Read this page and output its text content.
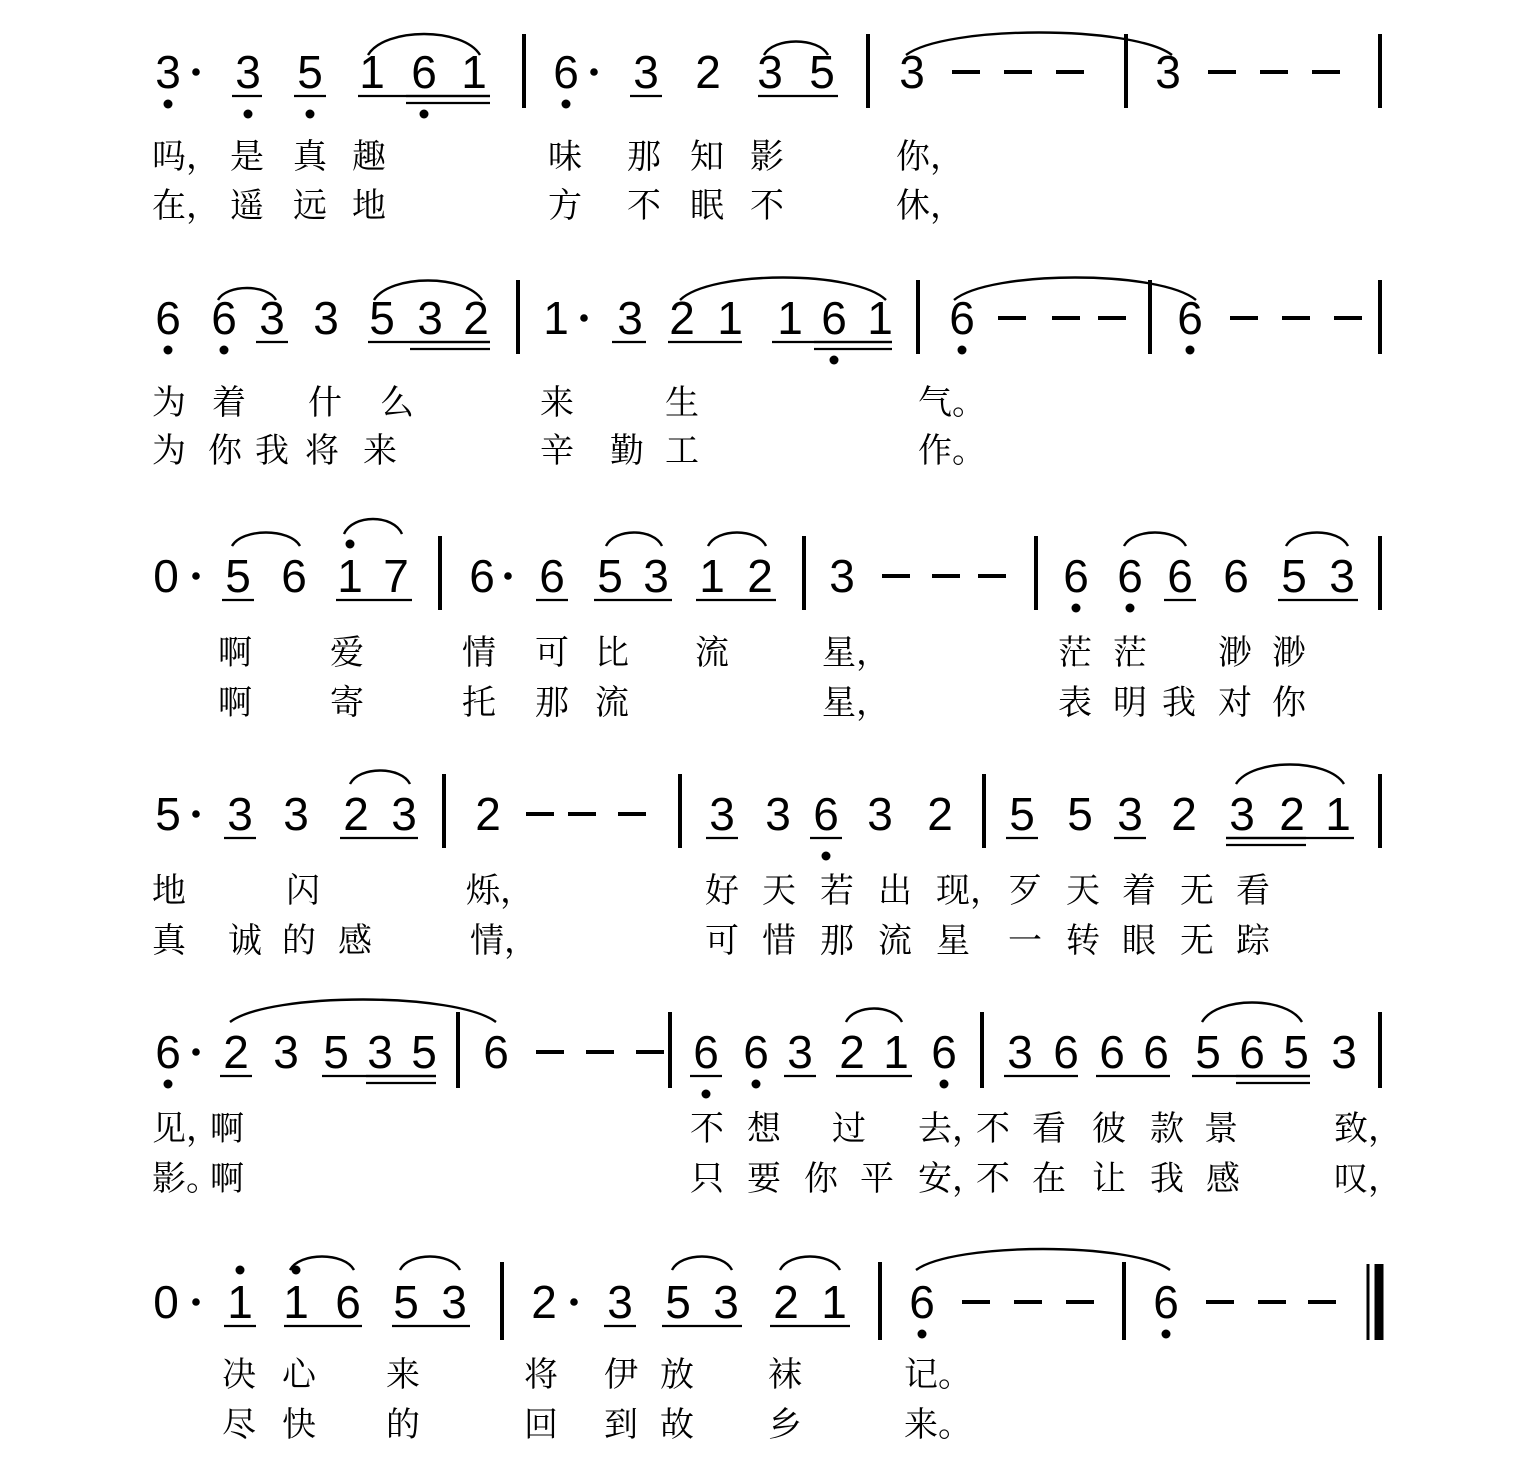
3 3 5 1 6 1 6 3 2 3 5 3	3
吗， 是 真 趣	味 那 知 影	你，
在， 遥 远 地	方 不 眠 不	休，
6 6 3 3 5 3 2 1 3 2 1 1 6 1 6	6
为 着 什 么	来	生	气。
为 你 我 将 来	辛 勤 工	作。
0 5 6 1 7 6 6 5 3 1 2 3	6 6 6 6 5 3
啊 爱	情 可 比 流	星，	茫 茫 渺 渺
啊 寄	托 那 流	星，	表 明 我 对 你
5 3 3 2 3 2	3 3 6 3 2 5 5 3 2 3 2 1
地	闪	烁，	好 天 若 出 现， 歹 天 着 无 看
真 诚 的 感	情，	可 惜 那 流 星 一 转 眼 无 踪
6 2 3 5 3 5 6	6 6 3 2 1 6 3 6 6 6 5 6 5 3
见，
啊	不 想 过 去，
不 看 彼 款 景	致，
影。
啊	只 要 你 平 安，
不 在 让 我 感	叹，
0 1 1 6 5 3 2 3 5 3 2 1 6	6
决 心 来	将 伊 放 袜	记。
尽 快 的	回 到 故 乡	来。
